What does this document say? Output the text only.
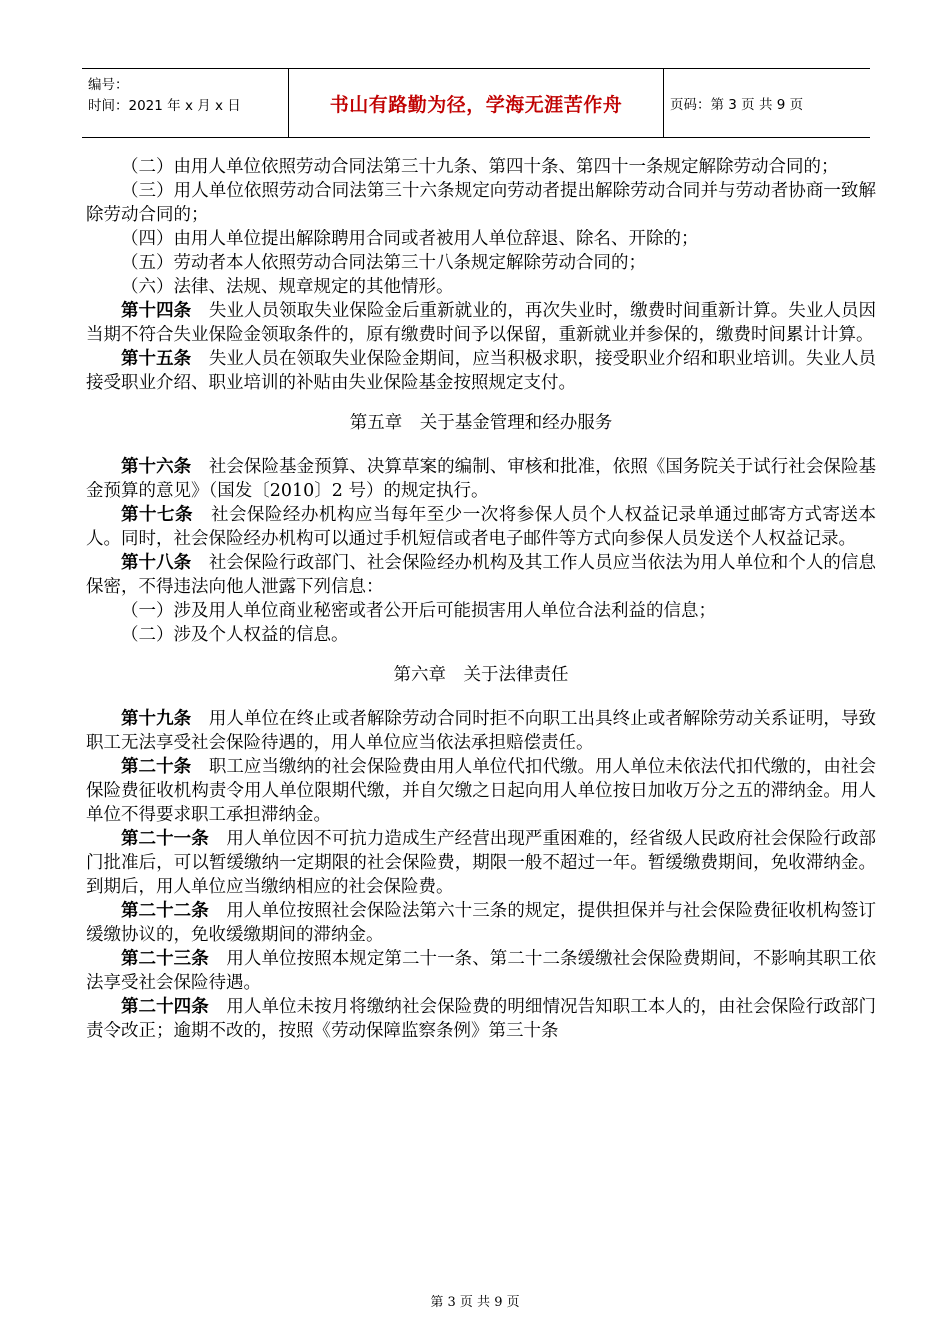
编号：
时间：2021 年 x 月 x 日	书山有路勤为径，学海无涯苦作舟	页码：第 3 页 共 9 页

（二）由用人单位依照劳动合同法第三十九条、第四十条、第四十一条规定解除劳动合同的；

（三）用人单位依照劳动合同法第三十六条规定向劳动者提出解除劳动合同并与劳动者协商一致解除劳动合同的；

（四）由用人单位提出解除聘用合同或者被用人单位辞退、除名、开除的；

（五）劳动者本人依照劳动合同法第三十八条规定解除劳动合同的；

（六）法律、法规、规章规定的其他情形。

第十四条　 失业人员领取失业保险金后重新就业的，再次失业时，缴费时间重新计算。失业人员因当期不符合失业保险金领取条件的，原有缴费时间予以保留，重新就业并参保的，缴费时间累计计算。

第十五条　 失业人员在领取失业保险金期间，应当积极求职，接受职业介绍和职业培训。失业人员接受职业介绍、职业培训的补贴由失业保险基金按照规定支付。

第五章　关于基金管理和经办服务

第十六条　 社会保险基金预算、决算草案的编制、审核和批准，依照《国务院关于试行社会保险基金预算的意见》（国发〔2010〕2 号）的规定执行。

第十七条　 社会保险经办机构应当每年至少一次将参保人员个人权益记录单通过邮寄方式寄送本人。同时，社会保险经办机构可以通过手机短信或者电子邮件等方式向参保人员发送个人权益记录。

第十八条　 社会保险行政部门、社会保险经办机构及其工作人员应当依法为用人单位和个人的信息保密，不得违法向他人泄露下列信息：

（一）涉及用人单位商业秘密或者公开后可能损害用人单位合法利益的信息；

（二）涉及个人权益的信息。

第六章　关于法律责任

第十九条　 用人单位在终止或者解除劳动合同时拒不向职工出具终止或者解除劳动关系证明，导致职工无法享受社会保险待遇的，用人单位应当依法承担赔偿责任。

第二十条　 职工应当缴纳的社会保险费由用人单位代扣代缴。用人单位未依法代扣代缴的，由社会保险费征收机构责令用人单位限期代缴，并自欠缴之日起向用人单位按日加收万分之五的滞纳金。用人单位不得要求职工承担滞纳金。

第二十一条　 用人单位因不可抗力造成生产经营出现严重困难的，经省级人民政府社会保险行政部门批准后，可以暂缓缴纳一定期限的社会保险费，期限一般不超过一年。暂缓缴费期间，免收滞纳金。到期后，用人单位应当缴纳相应的社会保险费。

第二十二条　 用人单位按照社会保险法第六十三条的规定，提供担保并与社会保险费征收机构签订缓缴协议的，免收缓缴期间的滞纳金。

第二十三条　 用人单位按照本规定第二十一条、第二十二条缓缴社会保险费期间，不影响其职工依法享受社会保险待遇。

第二十四条　 用人单位未按月将缴纳社会保险费的明细情况告知职工本人的，由社会保险行政部门责令改正；逾期不改的，按照《劳动保障监察条例》第三十条

第 3 页 共 9 页
